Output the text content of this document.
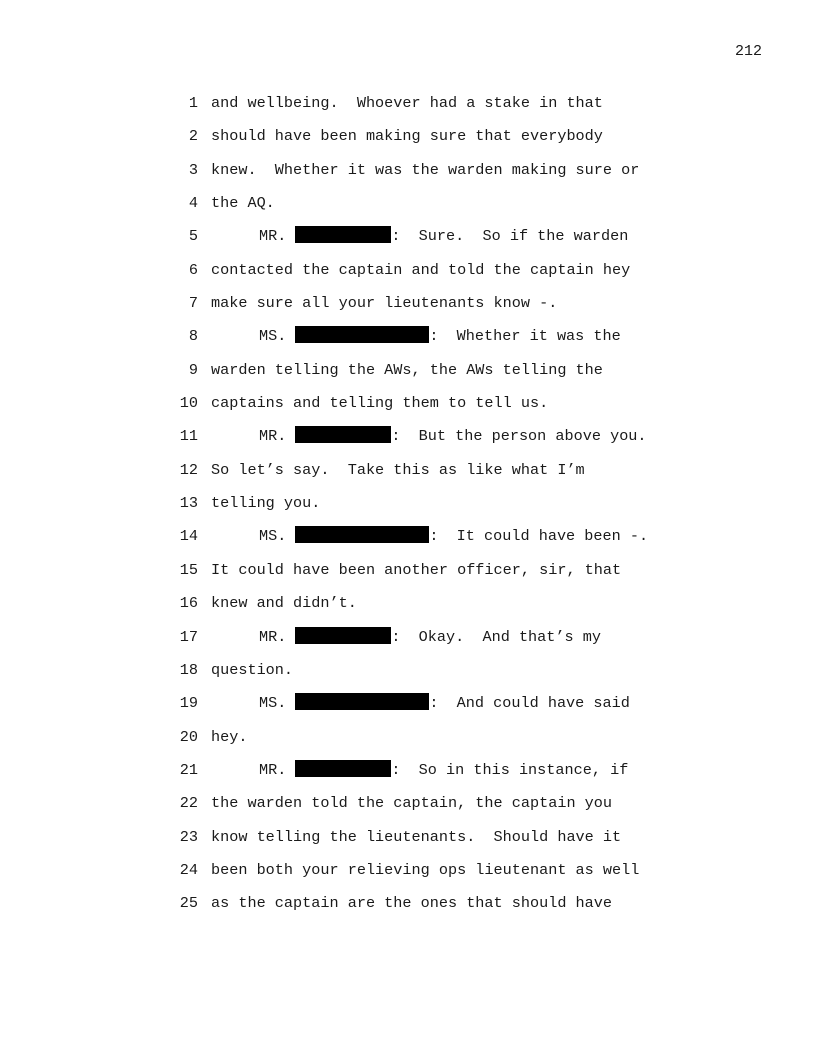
212

1

and wellbeing.  Whoever had a stake in that

2

should have been making sure that everybody

3

knew.  Whether it was the warden making sure or

4

the AQ.

5

	MR.	:  Sure.  So if the warden

6

contacted the captain and told the captain hey

7

make sure all your lieutenants know -.

8

	MS.	:  Whether it was the

9

warden telling the AWs, the AWs telling the

10

captains and telling them to tell us.

11

	MR.	:  But the person above you.

12

So let’s say.  Take this as like what I’m

13

telling you.

14

	MS.	:  It could have been -.

15

It could have been another officer, sir, that

16

knew and didn’t.

17

	MR.	:  Okay.  And that’s my

18

question.

19

	MS.	:  And could have said

20

hey.

21

	MR.	:  So in this instance, if

22

the warden told the captain, the captain you

23

know telling the lieutenants.  Should have it

24

been both your relieving ops lieutenant as well

25

as the captain are the ones that should have
